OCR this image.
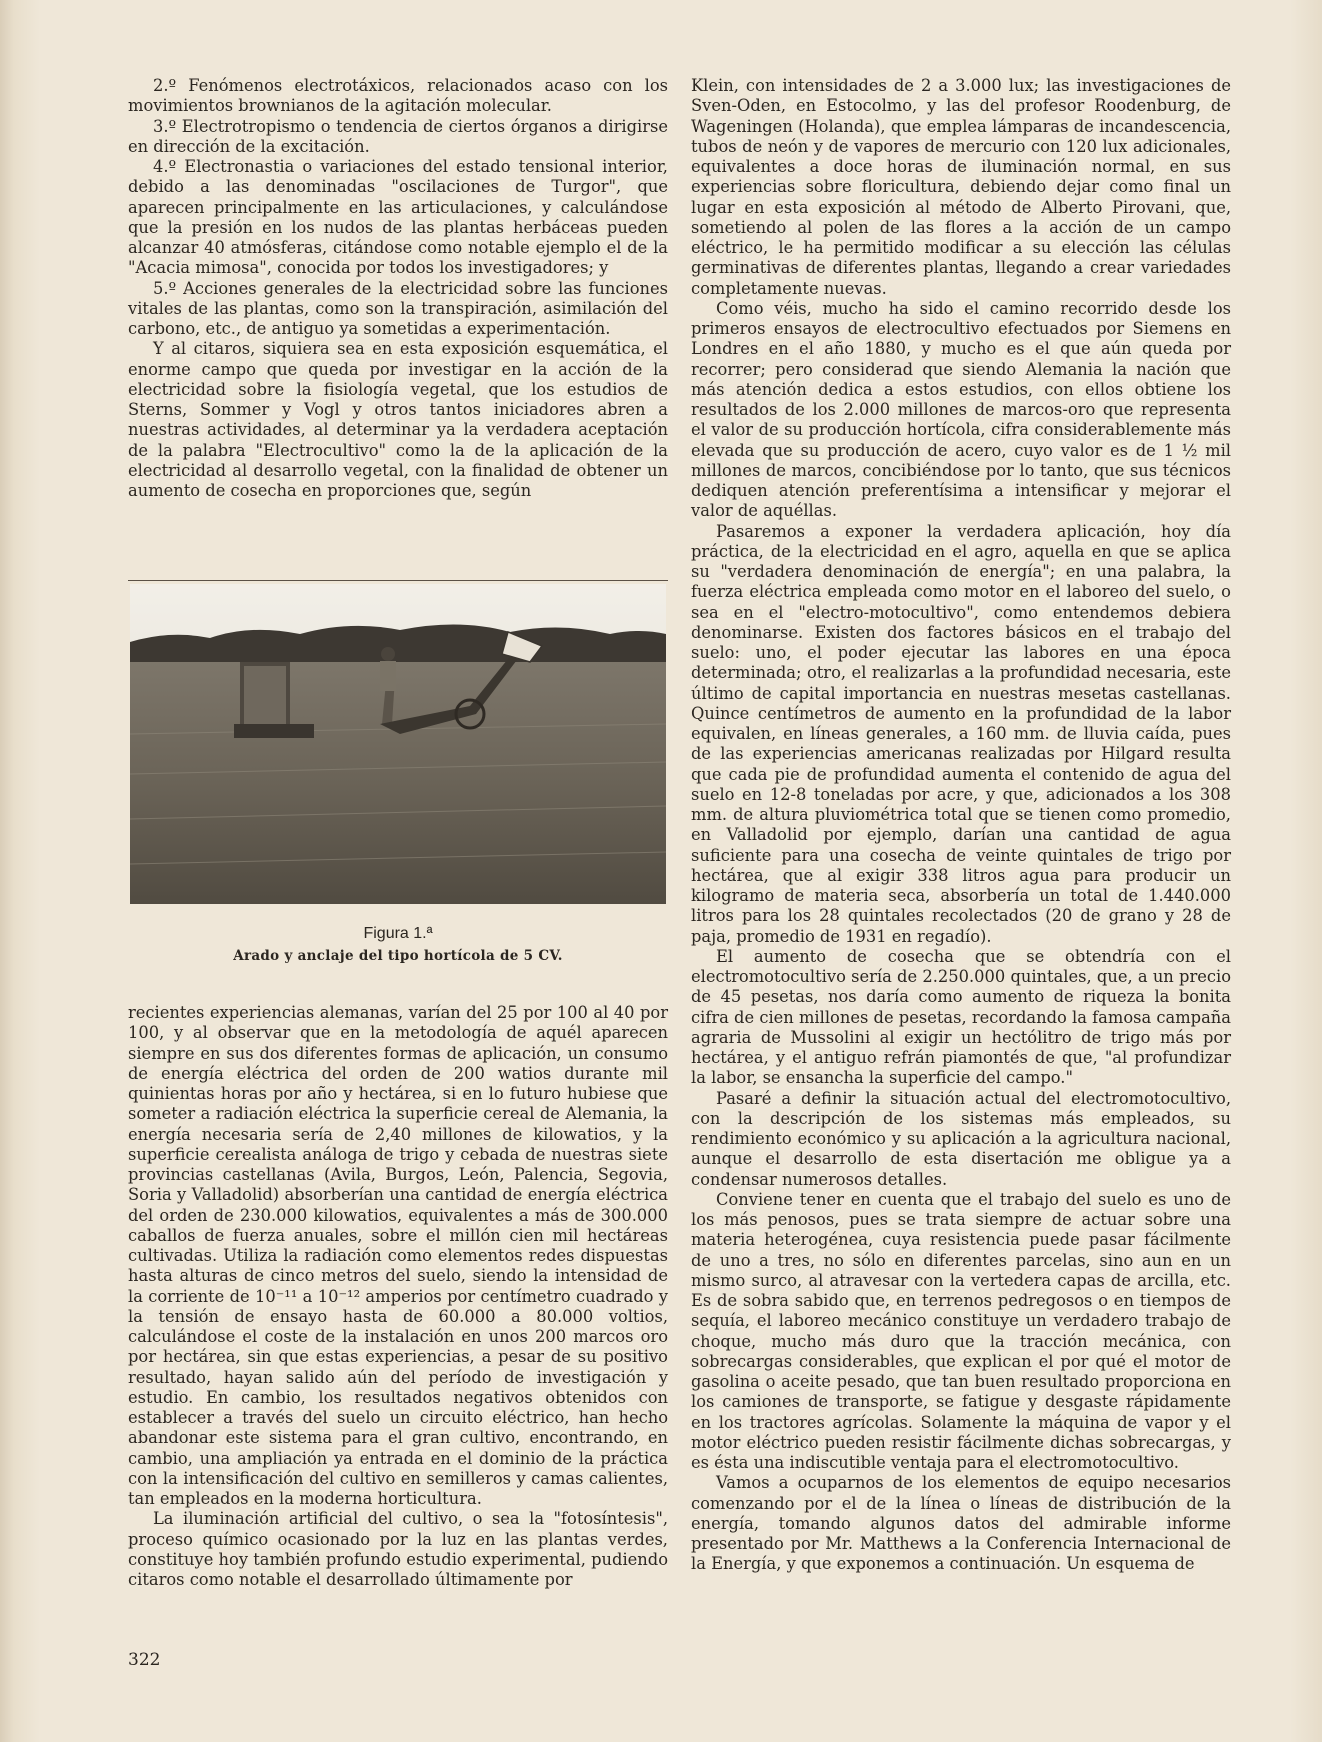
2.º Fenómenos electrotáxicos, relacionados acaso con los movimientos brownianos de la agitación molecular.

3.º Electrotropismo o tendencia de ciertos órganos a dirigirse en dirección de la excitación.

4.º Electronastia o variaciones del estado tensional interior, debido a las denominadas "oscilaciones de Turgor", que aparecen principalmente en las articulaciones, y calculándose que la presión en los nudos de las plantas herbáceas pueden alcanzar 40 atmósferas, citándose como notable ejemplo el de la "Acacia mimosa", conocida por todos los investigadores; y

5.º Acciones generales de la electricidad sobre las funciones vitales de las plantas, como son la transpiración, asimilación del carbono, etc., de antiguo ya sometidas a experimentación.

Y al citaros, siquiera sea en esta exposición esquemática, el enorme campo que queda por investigar en la acción de la electricidad sobre la fisiología vegetal, que los estudios de Sterns, Sommer y Vogl y otros tantos iniciadores abren a nuestras actividades, al determinar ya la verdadera aceptación de la palabra "Electrocultivo" como la de la aplicación de la electricidad al desarrollo vegetal, con la finalidad de obtener un aumento de cosecha en proporciones que, según

Figura 1.ª
Arado y anclaje del tipo hortícola de 5 CV.

recientes experiencias alemanas, varían del 25 por 100 al 40 por 100, y al observar que en la metodología de aquél aparecen siempre en sus dos diferentes formas de aplicación, un consumo de energía eléctrica del orden de 200 watios durante mil quinientas horas por año y hectárea, si en lo futuro hubiese que someter a radiación eléctrica la superficie cereal de Alemania, la energía necesaria sería de 2,40 millones de kilowatios, y la superficie cerealista análoga de trigo y cebada de nuestras siete provincias castellanas (Avila, Burgos, León, Palencia, Segovia, Soria y Valladolid) absorberían una cantidad de energía eléctrica del orden de 230.000 kilowatios, equivalentes a más de 300.000 caballos de fuerza anuales, sobre el millón cien mil hectáreas cultivadas. Utiliza la radiación como elementos redes dispuestas hasta alturas de cinco metros del suelo, siendo la intensidad de la corriente de 10⁻¹¹ a 10⁻¹² amperios por centímetro cuadrado y la tensión de ensayo hasta de 60.000 a 80.000 voltios, calculándose el coste de la instalación en unos 200 marcos oro por hectárea, sin que estas experiencias, a pesar de su positivo resultado, hayan salido aún del período de investigación y estudio. En cambio, los resultados negativos obtenidos con establecer a través del suelo un circuito eléctrico, han hecho abandonar este sistema para el gran cultivo, encontrando, en cambio, una ampliación ya entrada en el dominio de la práctica con la intensificación del cultivo en semilleros y camas calientes, tan empleados en la moderna horticultura.

La iluminación artificial del cultivo, o sea la "fotosíntesis", proceso químico ocasionado por la luz en las plantas verdes, constituye hoy también profundo estudio experimental, pudiendo citaros como notable el desarrollado últimamente por

Klein, con intensidades de 2 a 3.000 lux; las investigaciones de Sven-Oden, en Estocolmo, y las del profesor Roodenburg, de Wageningen (Holanda), que emplea lámparas de incandescencia, tubos de neón y de vapores de mercurio con 120 lux adicionales, equivalentes a doce horas de iluminación normal, en sus experiencias sobre floricultura, debiendo dejar como final un lugar en esta exposición al método de Alberto Pirovani, que, sometiendo al polen de las flores a la acción de un campo eléctrico, le ha permitido modificar a su elección las células germinativas de diferentes plantas, llegando a crear variedades completamente nuevas.

Como véis, mucho ha sido el camino recorrido desde los primeros ensayos de electrocultivo efectuados por Siemens en Londres en el año 1880, y mucho es el que aún queda por recorrer; pero considerad que siendo Alemania la nación que más atención dedica a estos estudios, con ellos obtiene los resultados de los 2.000 millones de marcos-oro que representa el valor de su producción hortícola, cifra considerablemente más elevada que su producción de acero, cuyo valor es de 1 ½ mil millones de marcos, concibiéndose por lo tanto, que sus técnicos dediquen atención preferentísima a intensificar y mejorar el valor de aquéllas.

Pasaremos a exponer la verdadera aplicación, hoy día práctica, de la electricidad en el agro, aquella en que se aplica su "verdadera denominación de energía"; en una palabra, la fuerza eléctrica empleada como motor en el laboreo del suelo, o sea en el "electro-motocultivo", como entendemos debiera denominarse. Existen dos factores básicos en el trabajo del suelo: uno, el poder ejecutar las labores en una época determinada; otro, el realizarlas a la profundidad necesaria, este último de capital importancia en nuestras mesetas castellanas. Quince centímetros de aumento en la profundidad de la labor equivalen, en líneas generales, a 160 mm. de lluvia caída, pues de las experiencias americanas realizadas por Hilgard resulta que cada pie de profundidad aumenta el contenido de agua del suelo en 12-8 toneladas por acre, y que, adicionados a los 308 mm. de altura pluviométrica total que se tienen como promedio, en Valladolid por ejemplo, darían una cantidad de agua suficiente para una cosecha de veinte quintales de trigo por hectárea, que al exigir 338 litros agua para producir un kilogramo de materia seca, absorbería un total de 1.440.000 litros para los 28 quintales recolectados (20 de grano y 28 de paja, promedio de 1931 en regadío).

El aumento de cosecha que se obtendría con el electromotocultivo sería de 2.250.000 quintales, que, a un precio de 45 pesetas, nos daría como aumento de riqueza la bonita cifra de cien millones de pesetas, recordando la famosa campaña agraria de Mussolini al exigir un hectólitro de trigo más por hectárea, y el antiguo refrán piamontés de que, "al profundizar la labor, se ensancha la superficie del campo."

Pasaré a definir la situación actual del electromotocultivo, con la descripción de los sistemas más empleados, su rendimiento económico y su aplicación a la agricultura nacional, aunque el desarrollo de esta disertación me obligue ya a condensar numerosos detalles.

Conviene tener en cuenta que el trabajo del suelo es uno de los más penosos, pues se trata siempre de actuar sobre una materia heterogénea, cuya resistencia puede pasar fácilmente de uno a tres, no sólo en diferentes parcelas, sino aun en un mismo surco, al atravesar con la vertedera capas de arcilla, etc. Es de sobra sabido que, en terrenos pedregosos o en tiempos de sequía, el laboreo mecánico constituye un verdadero trabajo de choque, mucho más duro que la tracción mecánica, con sobrecargas considerables, que explican el por qué el motor de gasolina o aceite pesado, que tan buen resultado proporciona en los camiones de transporte, se fatigue y desgaste rápidamente en los tractores agrícolas. Solamente la máquina de vapor y el motor eléctrico pueden resistir fácilmente dichas sobrecargas, y es ésta una indiscutible ventaja para el electromotocultivo.

Vamos a ocuparnos de los elementos de equipo necesarios comenzando por el de la línea o líneas de distribución de la energía, tomando algunos datos del admirable informe presentado por Mr. Matthews a la Conferencia Internacional de la Energía, y que exponemos a continuación. Un esquema de

322
